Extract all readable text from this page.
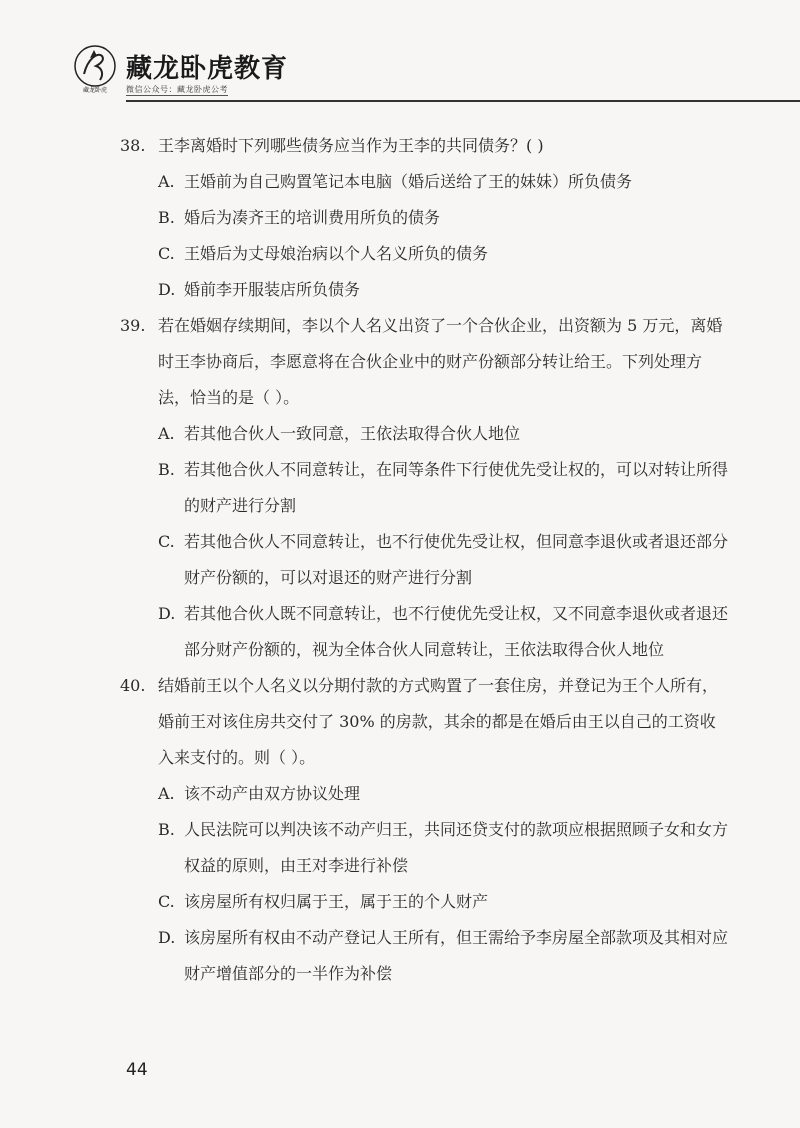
藏龙卧虎
藏龙卧虎教育
微信公众号：藏龙卧虎公考
38. 王李离婚时下列哪些债务应当作为王李的共同债务？( )
A. 王婚前为自己购置笔记本电脑（婚后送给了王的妹妹）所负债务
B. 婚后为凑齐王的培训费用所负的债务
C. 王婚后为丈母娘治病以个人名义所负的债务
D. 婚前李开服装店所负债务
39. 若在婚姻存续期间，李以个人名义出资了一个合伙企业，出资额为 5 万元，离婚时王李协商后，李愿意将在合伙企业中的财产份额部分转让给王。下列处理方法，恰当的是（ ）。
A. 若其他合伙人一致同意，王依法取得合伙人地位
B. 若其他合伙人不同意转让，在同等条件下行使优先受让权的，可以对转让所得的财产进行分割
C. 若其他合伙人不同意转让，也不行使优先受让权，但同意李退伙或者退还部分财产份额的，可以对退还的财产进行分割
D. 若其他合伙人既不同意转让，也不行使优先受让权，又不同意李退伙或者退还部分财产份额的，视为全体合伙人同意转让，王依法取得合伙人地位
40. 结婚前王以个人名义以分期付款的方式购置了一套住房，并登记为王个人所有，婚前王对该住房共交付了 30% 的房款，其余的都是在婚后由王以自己的工资收入来支付的。则（ ）。
A. 该不动产由双方协议处理
B. 人民法院可以判决该不动产归王，共同还贷支付的款项应根据照顾子女和女方权益的原则，由王对李进行补偿
C. 该房屋所有权归属于王，属于王的个人财产
D. 该房屋所有权由不动产登记人王所有，但王需给予李房屋全部款项及其相对应财产增值部分的一半作为补偿
44
